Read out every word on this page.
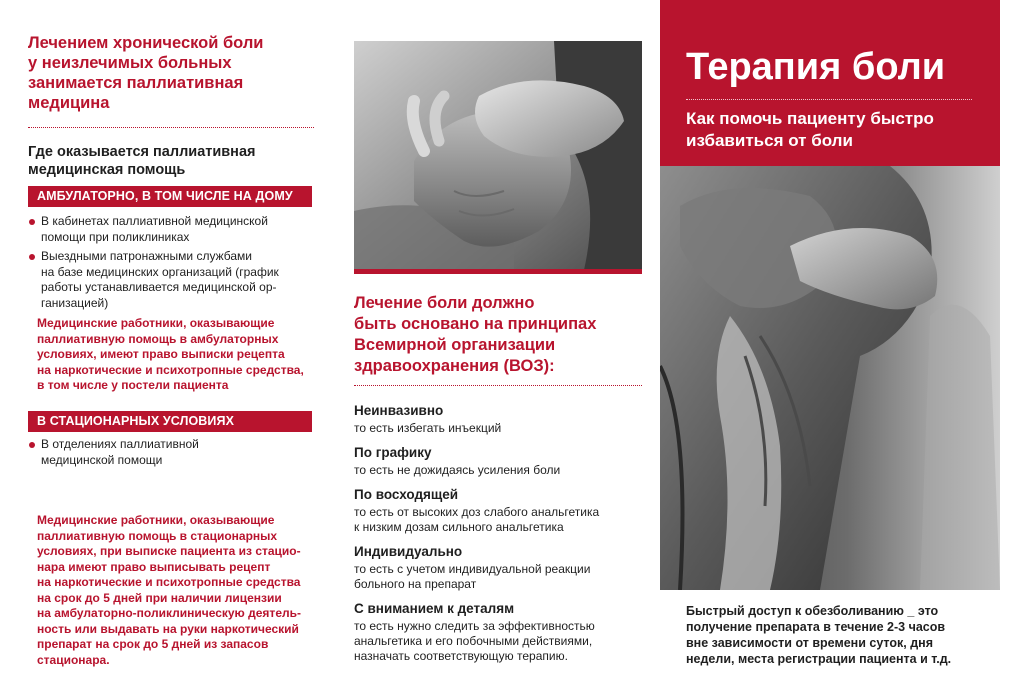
Лечением хронической боли
у неизлечимых больных
занимается паллиативная
медицина
Где оказывается паллиативная
медицинская помощь
АМБУЛАТОРНО, В ТОМ ЧИСЛЕ НА ДОМУ
В кабинетах паллиативной медицинской
помощи при поликлиниках
Выездными патронажными службами
на базе медицинских организаций (график
работы устанавливается медицинской ор-
ганизацией)
Медицинские работники, оказывающие
паллиативную помощь в амбулаторных
условиях, имеют право выписки рецепта
на наркотические и психотропные средства,
в том числе у постели пациента
В СТАЦИОНАРНЫХ УСЛОВИЯХ
В отделениях паллиативной
медицинской помощи
Медицинские работники, оказывающие
паллиативную помощь в стационарных
условиях, при выписке пациента из стацио-
нара имеют право выписывать рецепт
на наркотические и психотропные средства
на срок до 5 дней при наличии лицензии
на амбулаторно-поликлиническую деятель-
ность или выдавать на руки наркотический
препарат на срок до 5 дней из запасов
стационара.
Лечение боли должно
быть основано на принципах
Всемирной организации
здравоохранения (ВОЗ):
Неинвазивно
то есть избегать инъекций
По графику
то есть не дожидаясь усиления боли
По восходящей
то есть от высоких доз слабого анальгетика
к низким дозам сильного анальгетика
Индивидуально
то есть с учетом индивидуальной реакции
больного на препарат
С вниманием к деталям
то есть нужно следить за эффективностью
анальгетика и его побочными действиями,
назначать соответствующую терапию.
Терапия боли
Как помочь пациенту быстро
избавиться от боли
Быстрый доступ к обезболиванию _ это
получение препарата в течение 2-3 часов
вне зависимости от времени суток, дня
недели, места регистрации пациента и т.д.
